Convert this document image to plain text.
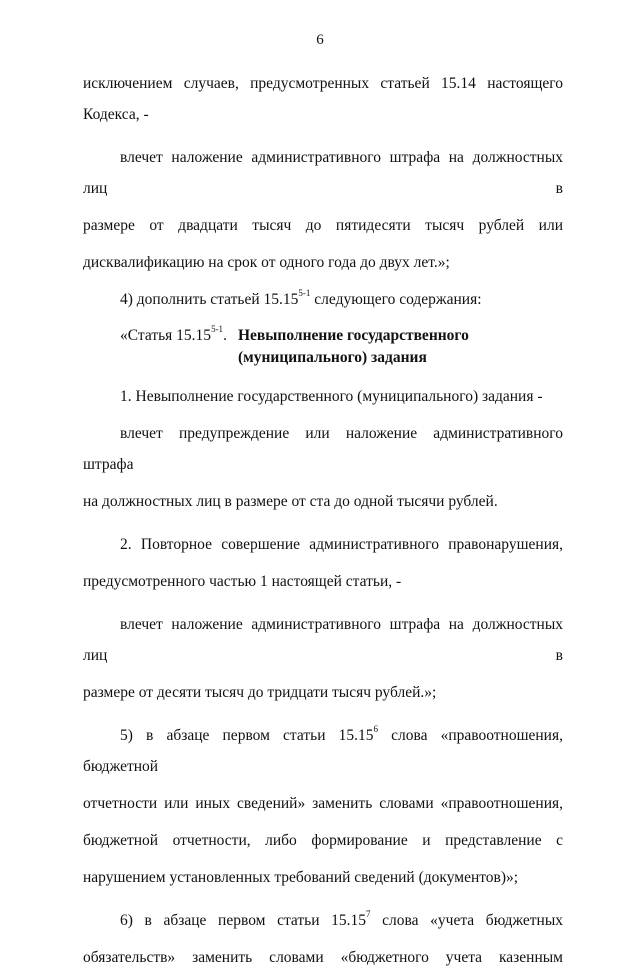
6

исключением случаев, предусмотренных статьей 15.14 настоящего

Кодекса, -

влечет наложение административного штрафа на должностных лиц в

размере от двадцати тысяч до пятидесяти тысяч рублей или

дисквалификацию на срок от одного года до двух лет.»;

4) дополнить статьей 15.15$^{5-1}$ следующего содержания:

«Статья 15.15$^{5-1}$. Невыполнение государственного
(муниципального) задания

1. Невыполнение государственного (муниципального) задания -

влечет предупреждение или наложение административного штрафа

на должностных лиц в размере от ста до одной тысячи рублей.

2. Повторное совершение административного правонарушения,

предусмотренного частью 1 настоящей статьи, -

влечет наложение административного штрафа на должностных лиц в

размере от десяти тысяч до тридцати тысяч рублей.»;

5) в абзаце первом статьи 15.15$^6$ слова «правоотношения, бюджетной

отчетности или иных сведений» заменить словами «правоотношения,

бюджетной отчетности, либо формирование и представление с

нарушением установленных требований сведений (документов)»;

6) в абзаце первом статьи 15.15$^7$ слова «учета бюджетных

обязательств» заменить словами «бюджетного учета казенным
